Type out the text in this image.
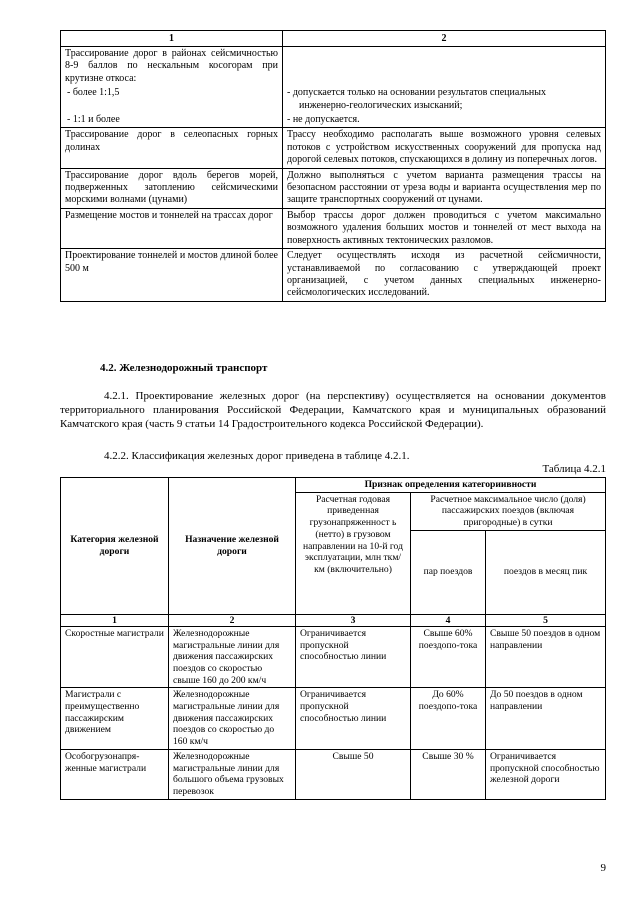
1	2
Трассирование дорог в районах сейсмичностью 8-9 баллов по нескальным косогорам при крутизне откоса:	
- более 1:1,5	- допускается только на основании результатов специальных
инженерно-геологических изысканий;

- 1:1 и более	- не допускается.
Трассирование дорог в селеопасных горных долинах	Трассу необходимо располагать выше возможного уровня селевых потоков с устройством искусственных сооружений для пропуска над дорогой селевых потоков, спускающихся в долину из поперечных логов.
Трассирование дорог вдоль берегов морей, подверженных затоплению сейсмическими морскими волнами (цунами)	Должно выполняться с учетом варианта размещения трассы на безопасном расстоянии от уреза воды и варианта осуществления мер по защите транспортных сооружений от цунами.
Размещение мостов и тоннелей на трассах дорог	Выбор трассы дорог должен проводиться с учетом максимально возможного удаления больших мостов и тоннелей от мест выхода на поверхность активных тектонических разломов.
Проектирование тоннелей и мостов длиной более 500 м	Следует осуществлять исходя из расчетной сейсмичности, устанавливаемой по согласованию с утверждающей проект организацией, с учетом данных специальных инженерно-сейсмологических исследований.
4.2. Железнодорожный транспорт

4.2.1. Проектирование железных дорог (на перспективу) осуществляется на основании документов территориального планирования Российской Федерации, Камчатского края и муниципальных образований Камчатского края (часть 9 статьи 14 Градостроительного кодекса Российской Федерации).

4.2.2. Классификация железных дорог приведена в таблице 4.2.1.

Таблица 4.2.1
Категория железной дороги	Назначение железной дороги	Признак определения категориивности		
		Расчетная годовая приведенная грузонапряженност ь (нетто) в грузовом направлении на 10-й год эксплуатации, млн ткм/км (включительно)	Расчетное максимальное число (доля) пассажирских поездов (включая пригородные) в сутки	
			пар поездов	поездов в месяц пик
1	2	3	4	5
Скоростные магистрали	Железнодорожные магистральные линии для движения пассажирских поездов со скоростью свыше 160 до 200 км/ч	Ограничивается пропускной способностью линии	Свыше 60% поездопо-тока	Свыше 50 поездов в одном направлении
Магистрали с преимущественно пассажирским движением	Железнодорожные магистральные линии для движения пассажирских поездов со скоростью до 160 км/ч	Ограничивается пропускной способностью линии	До 60% поездопо-тока	До 50 поездов в одном направлении
Особогрузонапря-женные магистрали	Железнодорожные магистральные линии для большого объема грузовых перевозок	Свыше 50	Свыше 30 %	Ограничивается пропускной способностью железной дороги
9
